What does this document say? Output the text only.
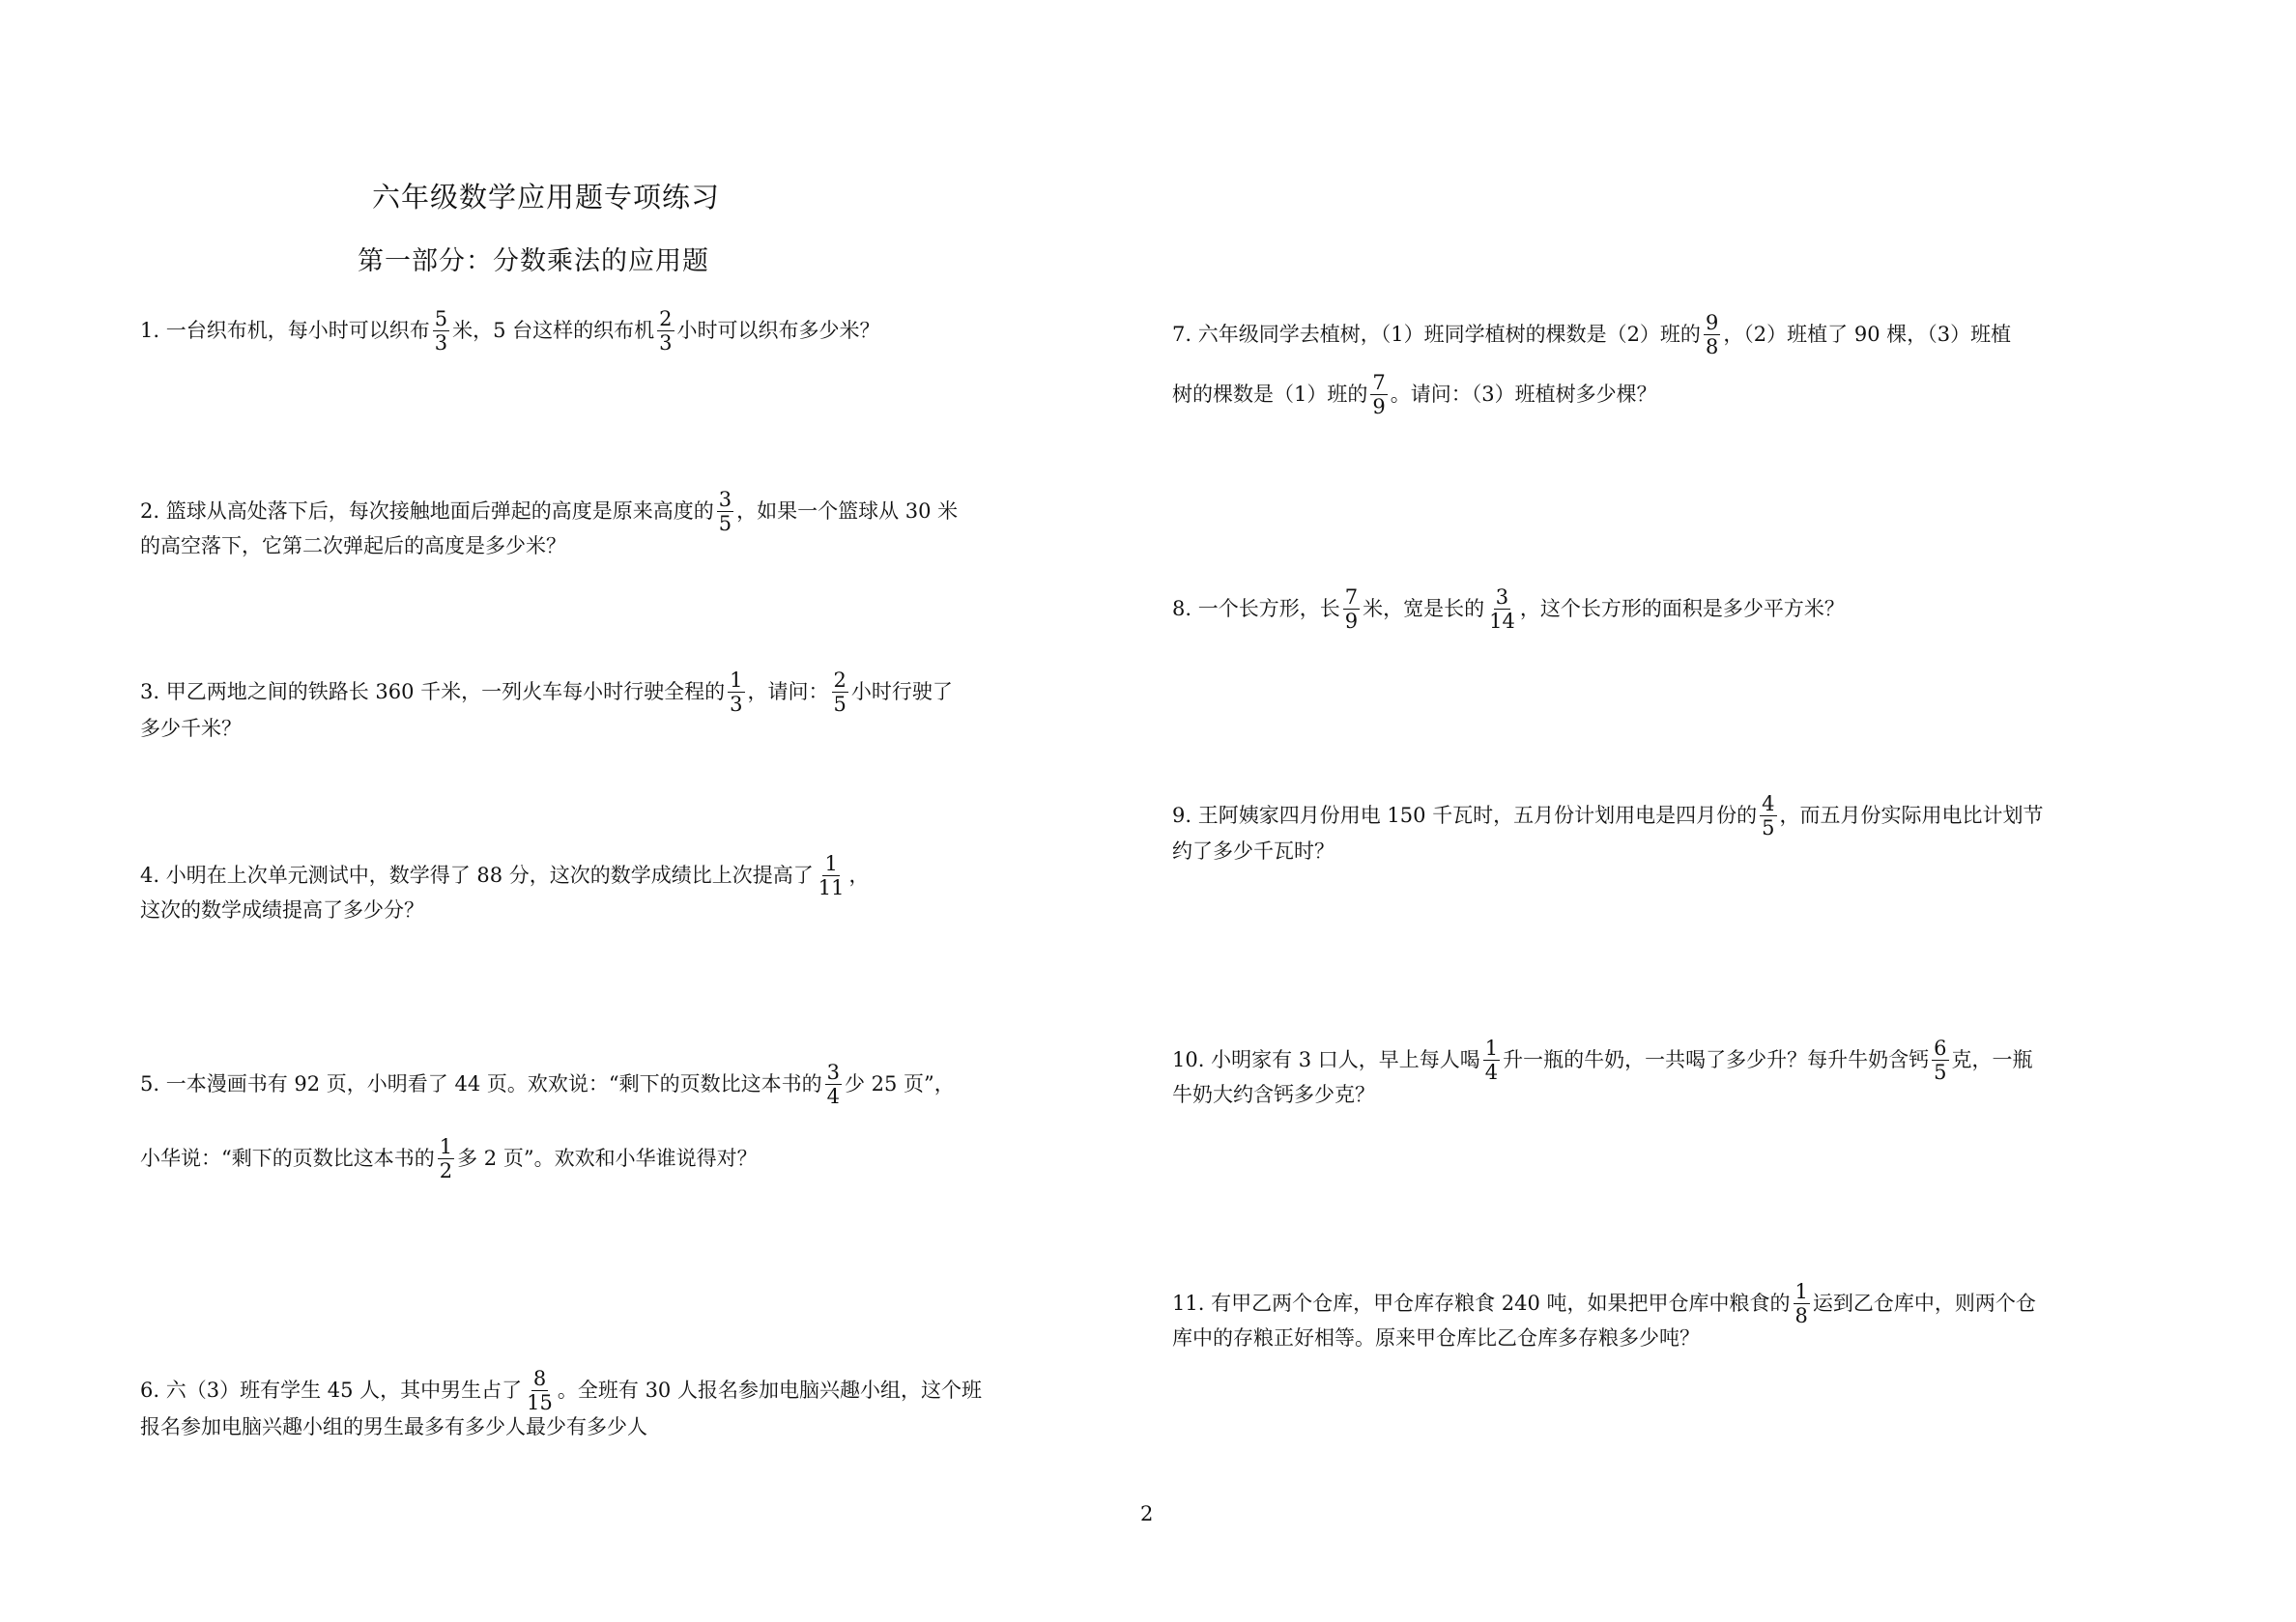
六年级数学应用题专项练习
第一部分：分数乘法的应用题
1. 一台织布机，每小时可以织布 $\frac{5}{3}$ 米，5 台这样的织布机 $\frac{2}{3}$ 小时可以织布多少米？
2. 篮球从高处落下后，每次接触地面后弹起的高度是原来高度的 $\frac{3}{5}$ ，如果一个篮球从 30 米
的高空落下，它第二次弹起后的高度是多少米？
3. 甲乙两地之间的铁路长 360 千米，一列火车每小时行驶全程的 $\frac{1}{3}$ ，请问： $\frac{2}{5}$ 小时行驶了
多少千米？
4. 小明在上次单元测试中，数学得了 88 分，这次的数学成绩比上次提高了 $\frac{1}{11}$ ，
这次的数学成绩提高了多少分？
5. 一本漫画书有 92 页，小明看了 44 页。欢欢说：“剩下的页数比这本书的 $\frac{3}{4}$ 少 25 页”，
小华说：“剩下的页数比这本书的 $\frac{1}{2}$ 多 2 页”。欢欢和小华谁说得对？
6. 六（3）班有学生 45 人，其中男生占了 $\frac{8}{15}$ 。全班有 30 人报名参加电脑兴趣小组，这个班
报名参加电脑兴趣小组的男生最多有多少人最少有多少人
7. 六年级同学去植树，（1）班同学植树的棵数是（2）班的 $\frac{9}{8}$ ，（2）班植了 90 棵，（3）班植
树的棵数是（1）班的 $\frac{7}{9}$ 。请问：（3）班植树多少棵？
8. 一个长方形，长 $\frac{7}{9}$ 米，宽是长的 $\frac{3}{14}$ ，这个长方形的面积是多少平方米？
9. 王阿姨家四月份用电 150 千瓦时，五月份计划用电是四月份的 $\frac{4}{5}$ ，而五月份实际用电比计划节
约了多少千瓦时？
10. 小明家有 3 口人，早上每人喝 $\frac{1}{4}$ 升一瓶的牛奶，一共喝了多少升？每升牛奶含钙 $\frac{6}{5}$ 克，一瓶
牛奶大约含钙多少克？
11. 有甲乙两个仓库，甲仓库存粮食 240 吨，如果把甲仓库中粮食的 $\frac{1}{8}$ 运到乙仓库中，则两个仓
库中的存粮正好相等。原来甲仓库比乙仓库多存粮多少吨？
2
